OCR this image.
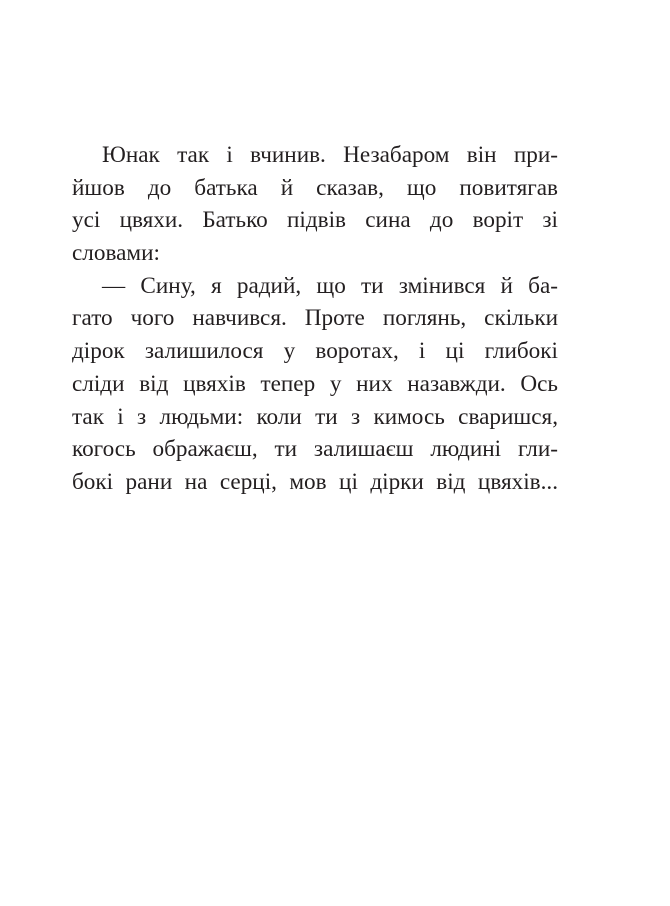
Юнак так і вчинив. Незабаром він при-
йшов до батька й сказав, що повитягав
усі цвяхи. Батько підвів сина до воріт зі
словами:
— Сину, я радий, що ти змінився й ба-
гато чого навчився. Проте поглянь, скільки
дірок залишилося у воротах, і ці глибокі
сліди від цвяхів тепер у них назавжди. Ось
так і з людьми: коли ти з кимось сваришся,
когось ображаєш, ти залишаєш людині гли-
бокі рани на серці, мов ці дірки від цвяхів...
